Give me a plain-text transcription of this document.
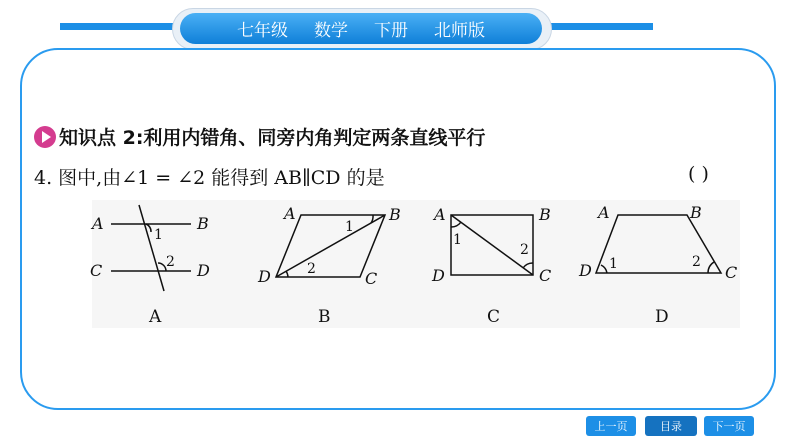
七年级 数学 下册 北师版
知识点 2:利用内错角、同旁内角判定两条直线平行
4. 图中,由∠1 = ∠2 能得到 AB∥CD 的是	( )
A	B
C	D
1
2
A
A	B
D	C
1
2
B
A	B
D	C
1
2
C
A	B
D	C
1	2
D
上一页	目录	下一页
